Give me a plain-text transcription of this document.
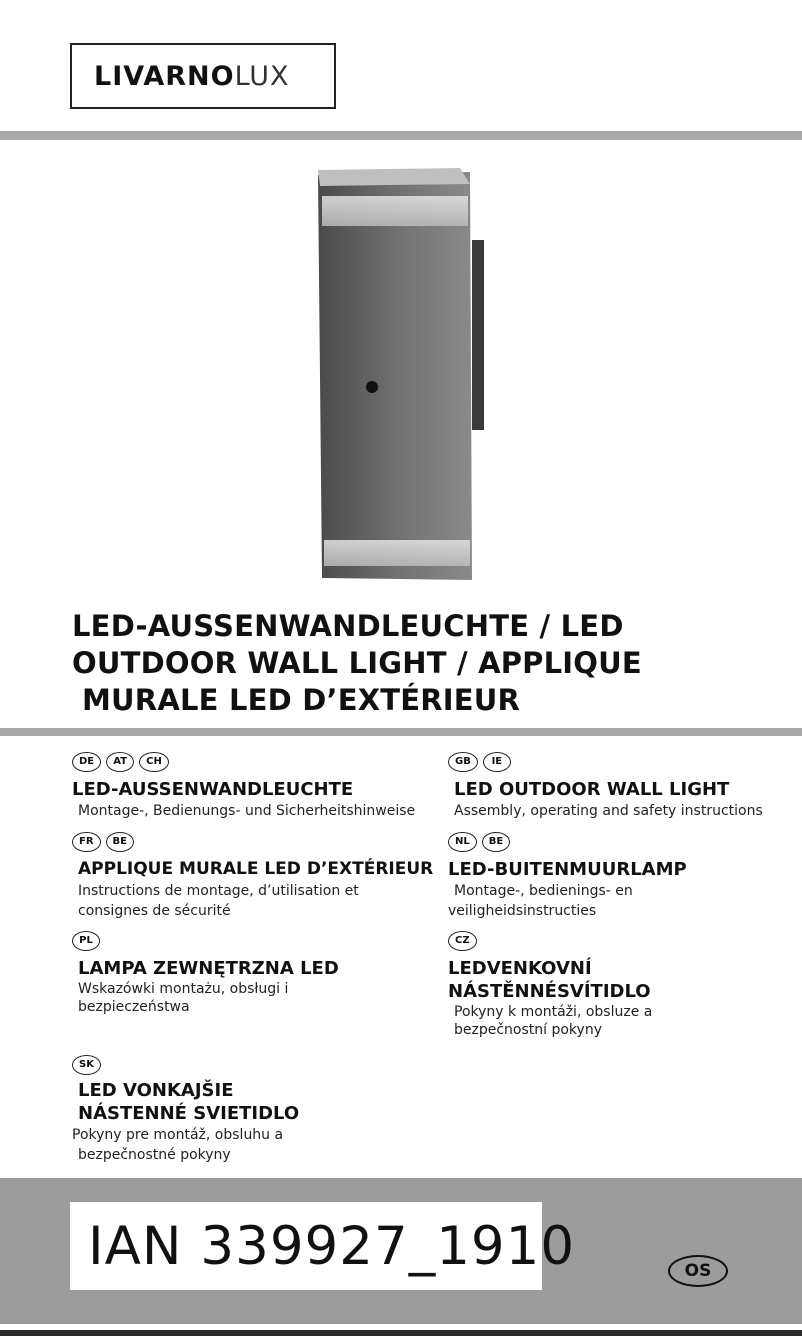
LIVARNO LUX
LED-AUSSENWANDLEUCHTE / LED
OUTDOOR WALL LIGHT / APPLIQUE
MURALE LED D’EXTÉRIEUR
DE	AT	CH
LED-AUSSENWANDLEUCHTE
Montage-, Bedienungs- und Sicherheitshinweise
GB	IE
LED OUTDOOR WALL LIGHT
Assembly, operating and safety instructions
FR	BE
APPLIQUE MURALE LED D’EXTÉRIEUR
Instructions de montage, d’utilisation et
consignes de sécurité
NL	BE
LED-BUITENMUURLAMP
Montage-, bedienings- en
veiligheidsinstructies
PL
LAMPA ZEWNĘTRZNA LED
Wskazówki montażu, obsługi i
bezpieczeństwa
CZ
LEDVENKOVNÍ
NÁSTĚNNÉSVÍTIDLO
Pokyny k montáži, obsluze a
bezpečnostní pokyny
SK
LED VONKAJŠIE
NÁSTENNÉ SVIETIDLO
Pokyny pre montáž, obsluhu a
bezpečnostné pokyny
IAN 339927_1910	OS
